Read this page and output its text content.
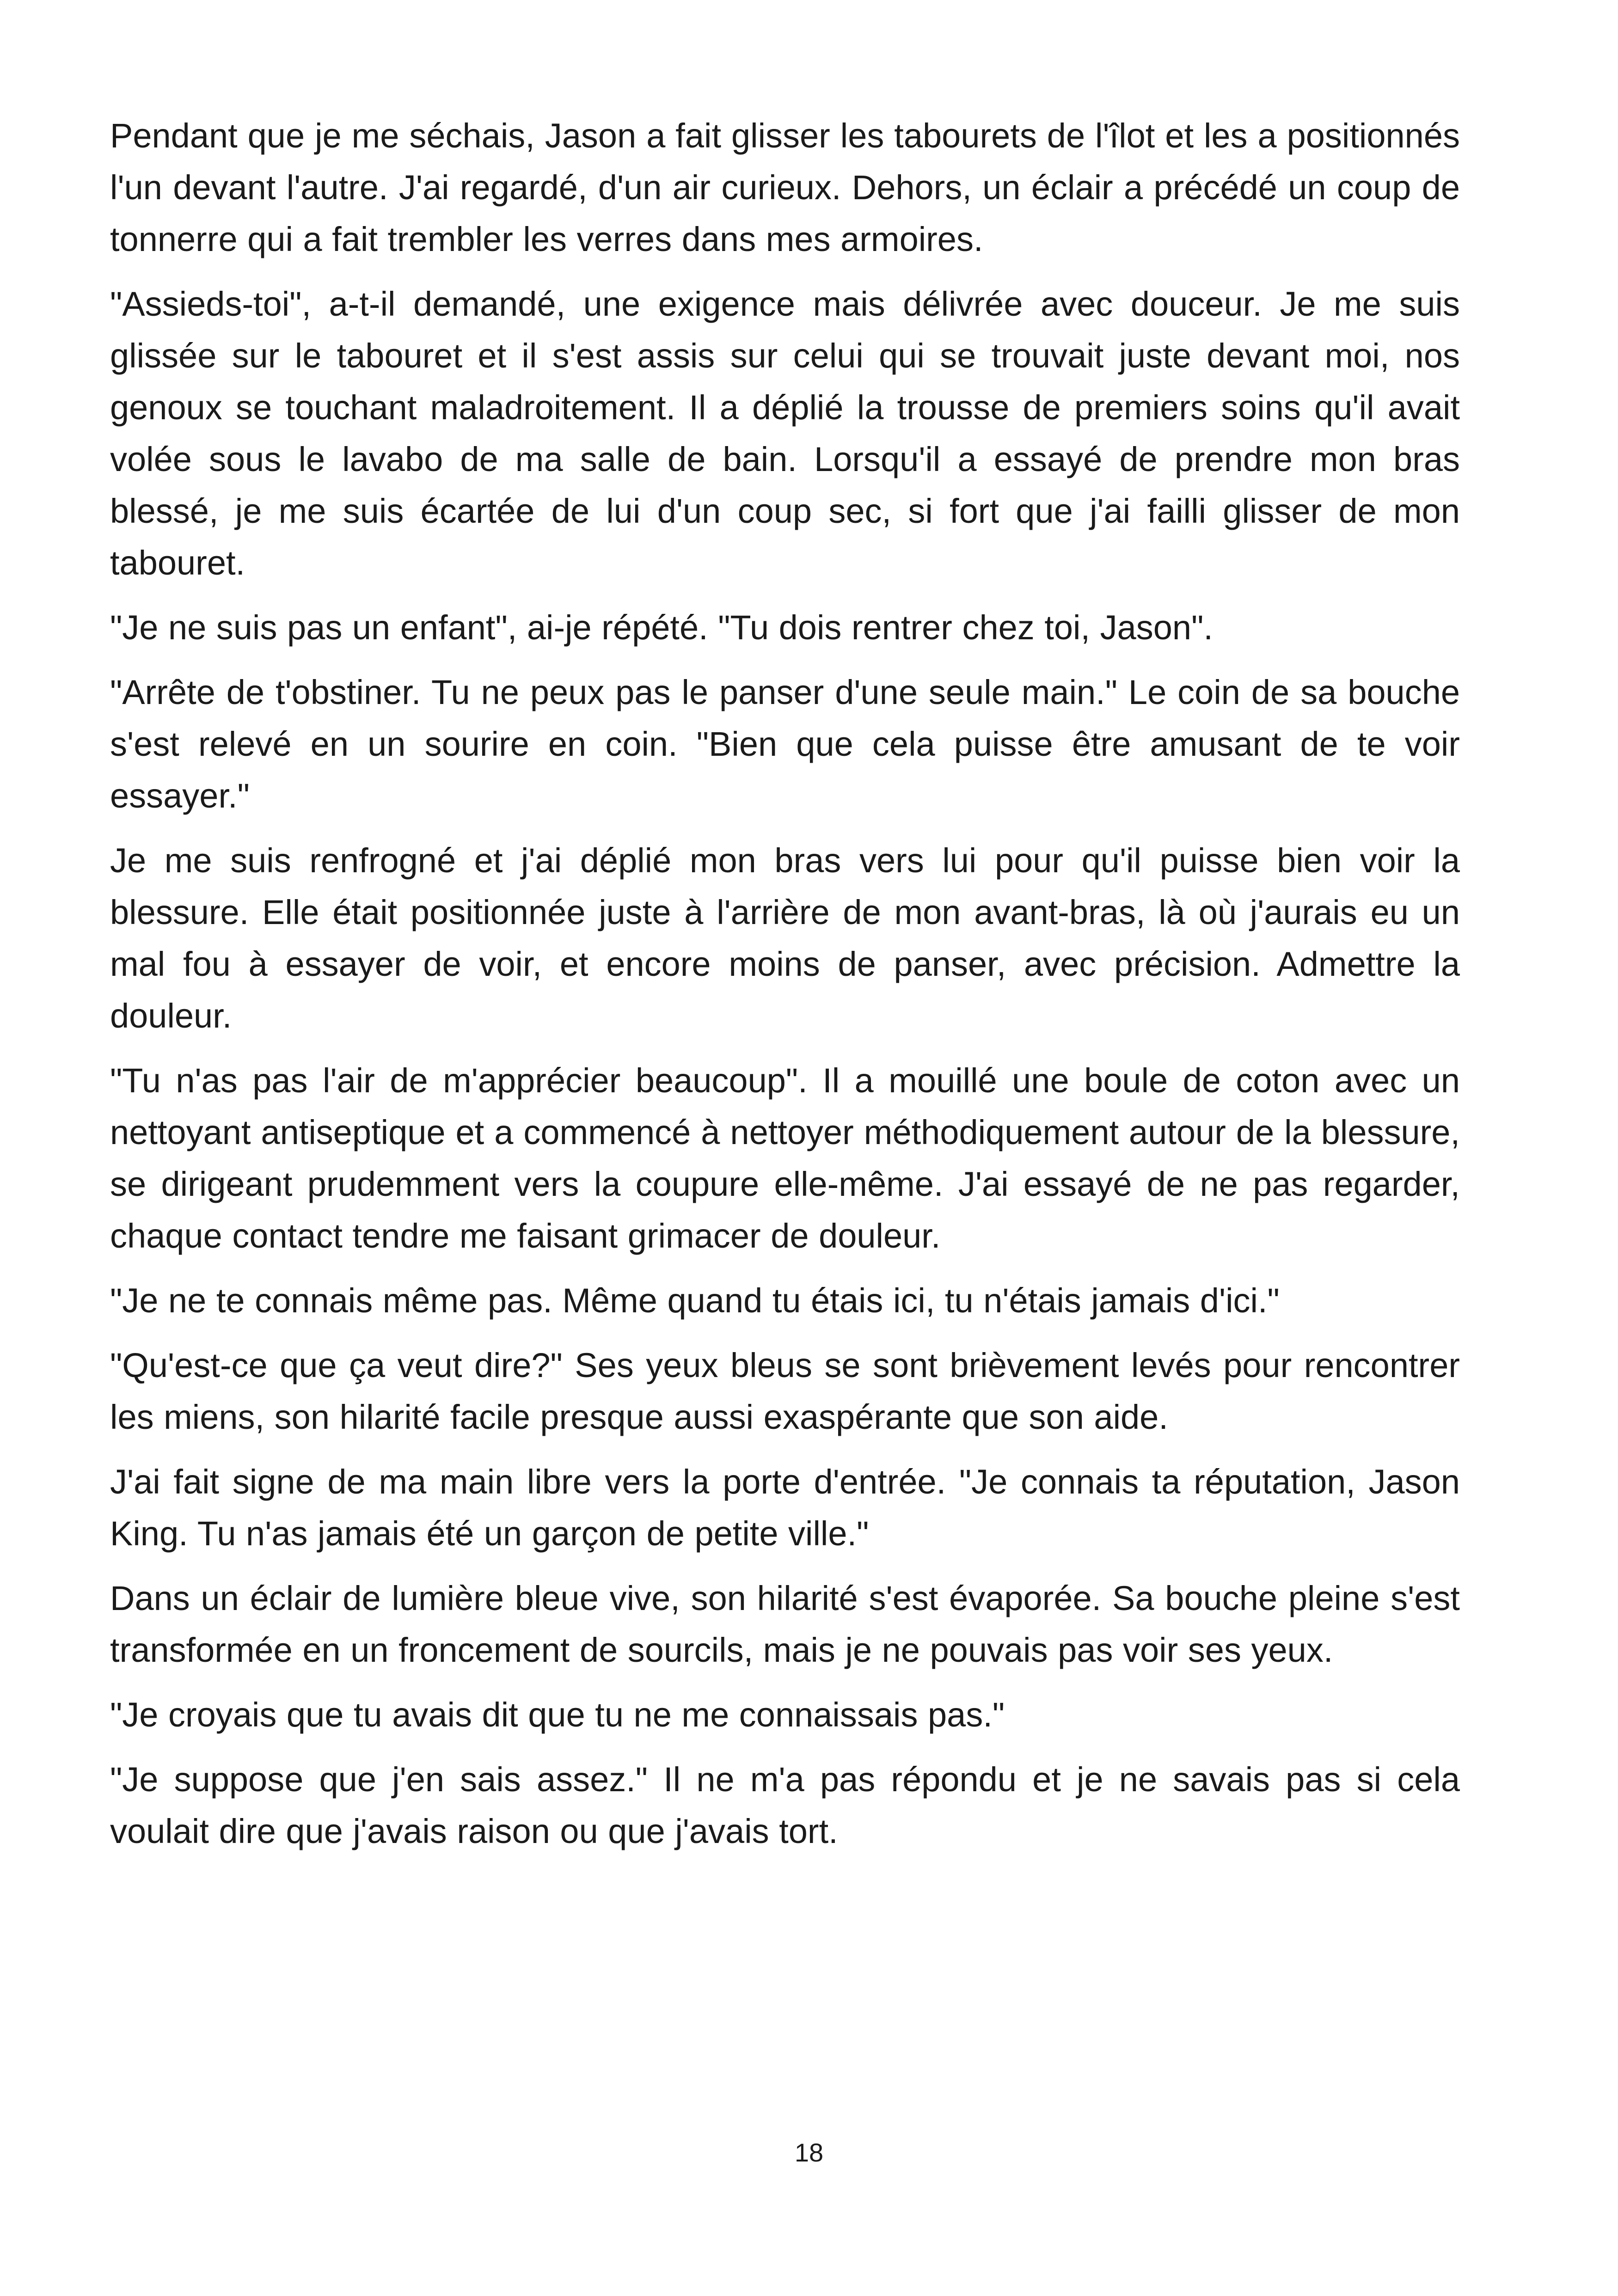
Pendant que je me séchais, Jason a fait glisser les tabourets de l'îlot et les a positionnés l'un devant l'autre. J'ai regardé, d'un air curieux. Dehors, un éclair a précédé un coup de tonnerre qui a fait trembler les verres dans mes armoires.

"Assieds-toi", a-t-il demandé, une exigence mais délivrée avec douceur. Je me suis glissée sur le tabouret et il s'est assis sur celui qui se trouvait juste devant moi, nos genoux se touchant maladroitement. Il a déplié la trousse de premiers soins qu'il avait volée sous le lavabo de ma salle de bain. Lorsqu'il a essayé de prendre mon bras blessé, je me suis écartée de lui d'un coup sec, si fort que j'ai failli glisser de mon tabouret.

"Je ne suis pas un enfant", ai-je répété. "Tu dois rentrer chez toi, Jason".

"Arrête de t'obstiner. Tu ne peux pas le panser d'une seule main." Le coin de sa bouche s'est relevé en un sourire en coin. "Bien que cela puisse être amusant de te voir essayer."

Je me suis renfrogné et j'ai déplié mon bras vers lui pour qu'il puisse bien voir la blessure. Elle était positionnée juste à l'arrière de mon avant-bras, là où j'aurais eu un mal fou à essayer de voir, et encore moins de panser, avec précision. Admettre la douleur.

"Tu n'as pas l'air de m'apprécier beaucoup". Il a mouillé une boule de coton avec un nettoyant antiseptique et a commencé à nettoyer méthodiquement autour de la blessure, se dirigeant prudemment vers la coupure elle-même. J'ai essayé de ne pas regarder, chaque contact tendre me faisant grimacer de douleur.

"Je ne te connais même pas. Même quand tu étais ici, tu n'étais jamais d'ici."

"Qu'est-ce que ça veut dire?" Ses yeux bleus se sont brièvement levés pour rencontrer les miens, son hilarité facile presque aussi exaspérante que son aide.

J'ai fait signe de ma main libre vers la porte d'entrée. "Je connais ta réputation, Jason King. Tu n'as jamais été un garçon de petite ville."

Dans un éclair de lumière bleue vive, son hilarité s'est évaporée. Sa bouche pleine s'est transformée en un froncement de sourcils, mais je ne pouvais pas voir ses yeux.

"Je croyais que tu avais dit que tu ne me connaissais pas."

"Je suppose que j'en sais assez." Il ne m'a pas répondu et je ne savais pas si cela voulait dire que j'avais raison ou que j'avais tort.

18
